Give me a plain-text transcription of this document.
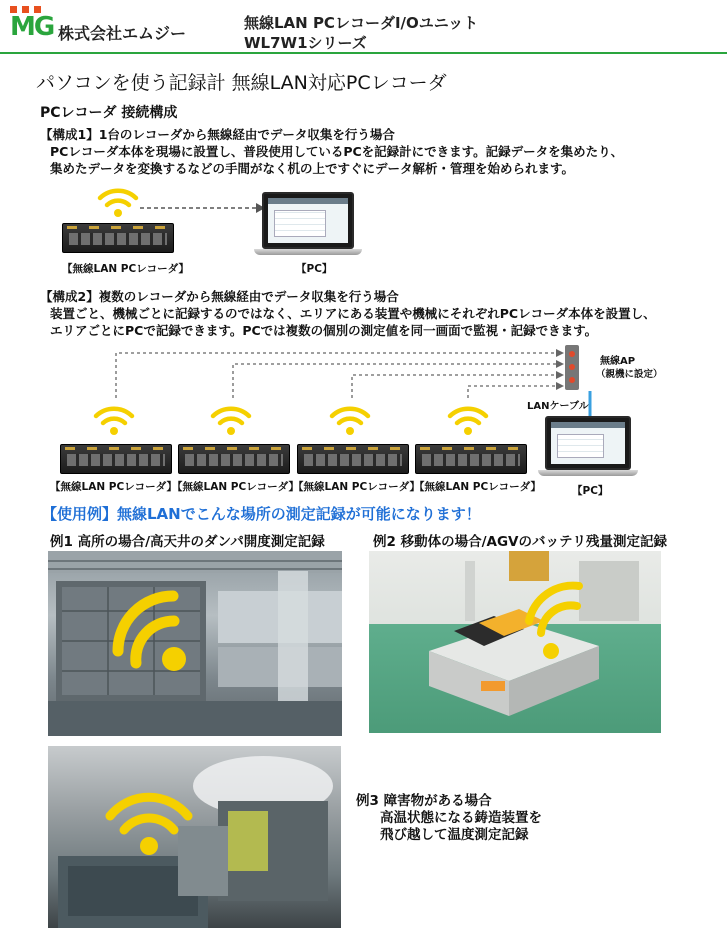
MG 株式会社エムジー
無線LAN PCレコーダI/Oユニット
WL7W1シリーズ
パソコンを使う記録計 無線LAN対応PCレコーダ
PCレコーダ 接続構成
【構成1】1台のレコーダから無線経由でデータ収集を行う場合
PCレコーダ本体を現場に設置し、普段使用しているPCを記録計にできます。記録データを集めたり、
集めたデータを変換するなどの手間がなく机の上ですぐにデータ解析・管理を始められます。
【無線LAN PCレコーダ】	【PC】
【構成2】複数のレコーダから無線経由でデータ収集を行う場合
装置ごと、機械ごとに記録するのではなく、エリアにある装置や機械にそれぞれPCレコーダ本体を設置し、
エリアごとにPCで記録できます。PCでは複数の個別の測定値を同一画面で監視・記録できます。
無線AP
（親機に設定）
LANケーブル
【無線LAN PCレコーダ】
【無線LAN PCレコーダ】
【無線LAN PCレコーダ】
【無線LAN PCレコーダ】	【PC】
【使用例】無線LANでこんな場所の測定記録が可能になります！
例1 高所の場合/高天井のダンパ開度測定記録	例2 移動体の場合/AGVのバッテリ残量測定記録
例3 障害物がある場合
高温状態になる鋳造装置を
飛び越して温度測定記録
